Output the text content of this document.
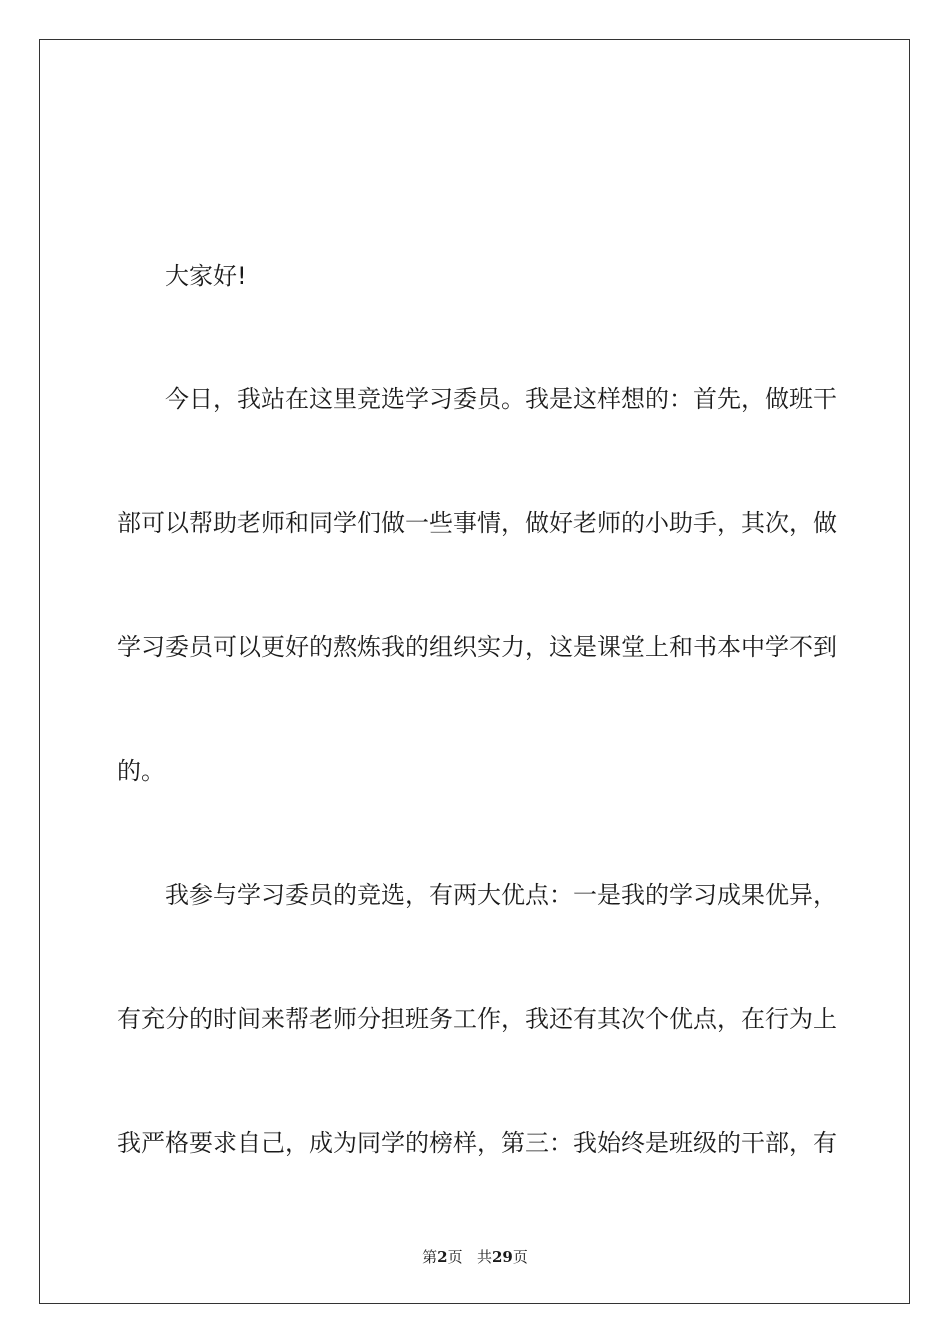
大家好!

今日，我站在这里竞选学习委员。我是这样想的：首先，做班干

部可以帮助老师和同学们做一些事情，做好老师的小助手，其次，做

学习委员可以更好的熬炼我的组织实力，这是课堂上和书本中学不到

的。

我参与学习委员的竞选，有两大优点：一是我的学习成果优异，

有充分的时间来帮老师分担班务工作，我还有其次个优点，在行为上

我严格要求自己，成为同学的榜样，第三：我始终是班级的干部，有

第2页 共29页
